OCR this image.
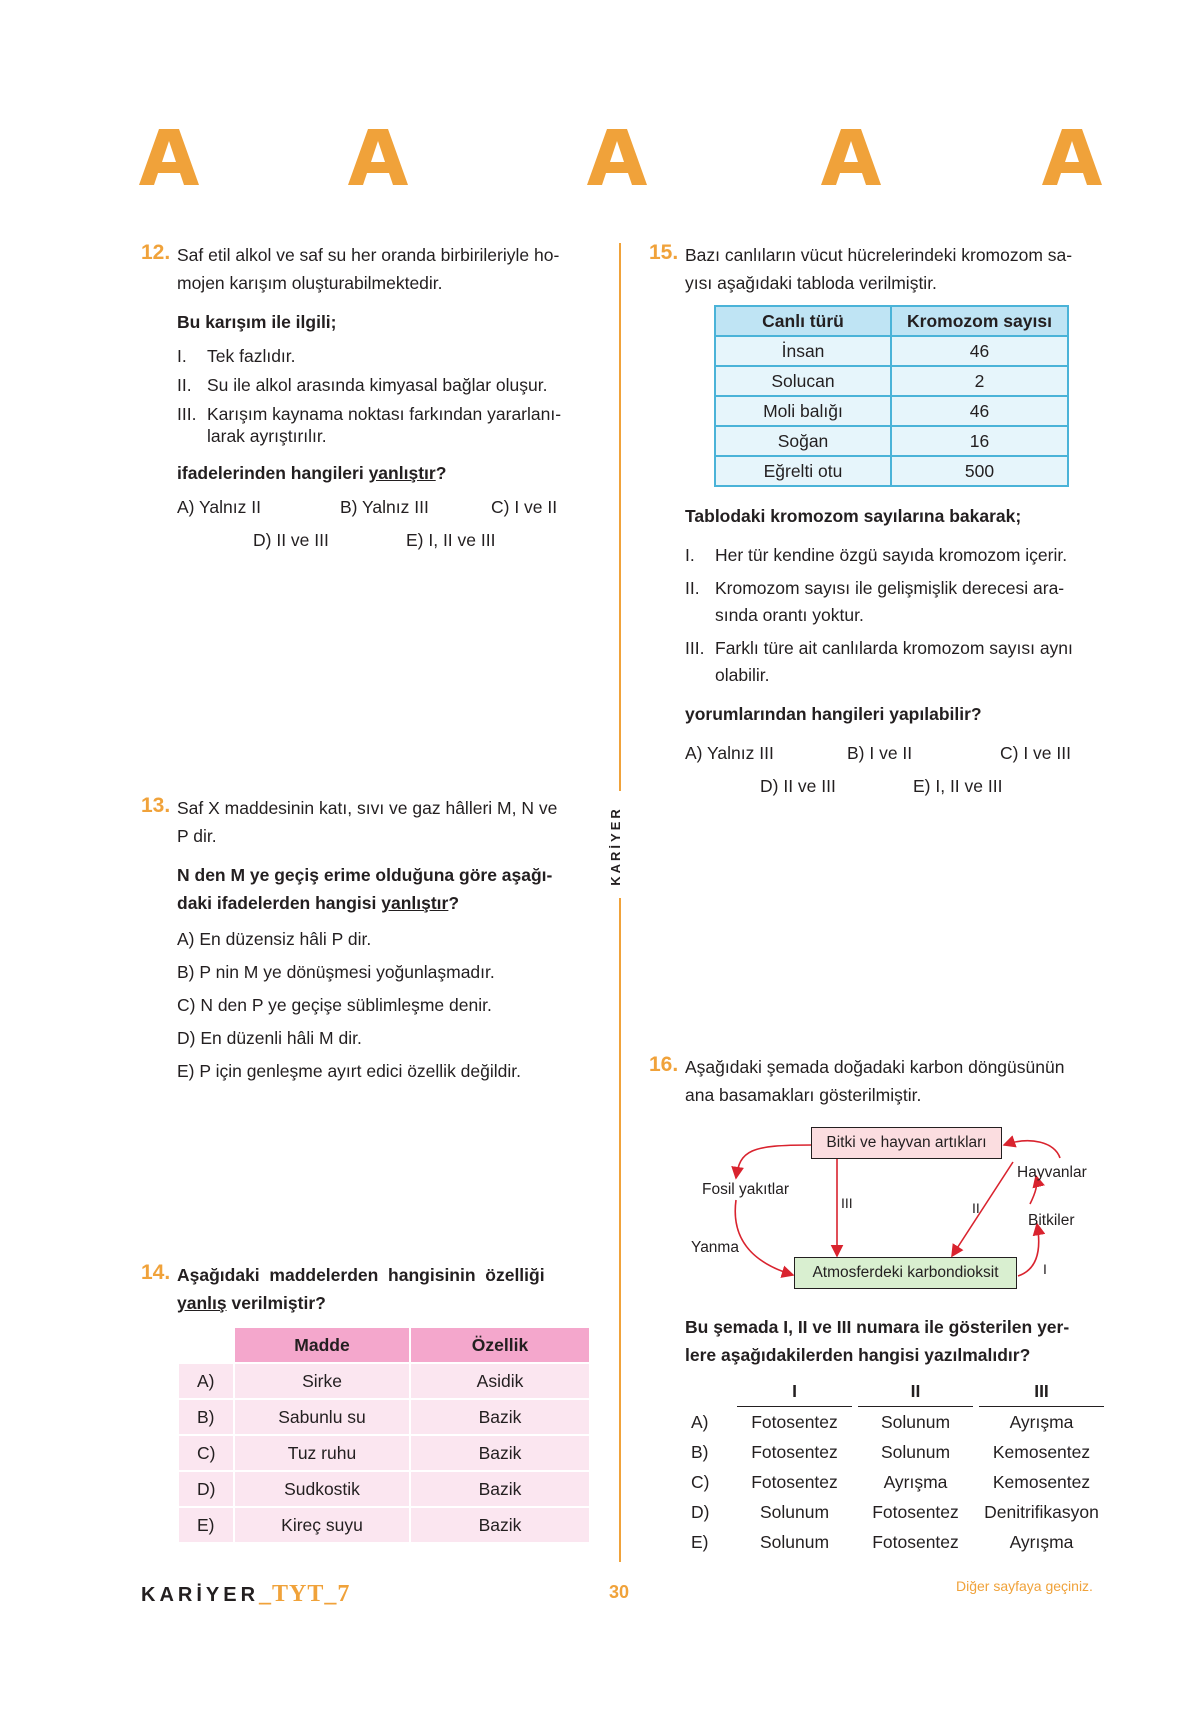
KARİYER
12. Saf etil alkol ve saf su her oranda birbirileriyle ho-
mojen karışım oluşturabilmektedir.
Bu karışım ile ilgili;
I. Tek fazlıdır.
II. Su ile alkol arasında kimyasal bağlar oluşur.
III. Karışım kaynama noktası farkından yararlanı-
larak ayrıştırılır.
ifadelerinden hangileri yanlıştır?
A) Yalnız II	B) Yalnız III	C) I ve II
D) II ve III	E) I, II ve III
13. Saf X maddesinin katı, sıvı ve gaz hâlleri M, N ve
P dir.
N den M ye geçiş erime olduğuna göre aşağı-
daki ifadelerden hangisi yanlıştır?
A) En düzensiz hâli P dir.
B) P nin M ye dönüşmesi yoğunlaşmadır.
C) N den P ye geçişe süblimleşme denir.
D) En düzenli hâli M dir.
E) P için genleşme ayırt edici özellik değildir.
14. Aşağıdaki  maddelerden  hangisinin  özelliği
yanlış verilmiştir?
	Madde	Özellik
A)	Sirke	Asidik
B)	Sabunlu su	Bazik
C)	Tuz ruhu	Bazik
D)	Sudkostik	Bazik
E)	Kireç suyu	Bazik
15. Bazı canlıların vücut hücrelerindeki kromozom sa-
yısı aşağıdaki tabloda verilmiştir.
Canlı türü	Kromozom sayısı
İnsan	46
Solucan	2
Moli balığı	46
Soğan	16
Eğrelti otu	500
Tablodaki kromozom sayılarına bakarak;
I. Her tür kendine özgü sayıda kromozom içerir.
II. Kromozom sayısı ile gelişmişlik derecesi ara-
sında orantı yoktur.
III. Farklı türe ait canlılarda kromozom sayısı aynı
olabilir.
yorumlarından hangileri yapılabilir?
A) Yalnız III	B) I ve II	C) I ve III
D) II ve III	E) I, II ve III
16. Aşağıdaki şemada doğadaki karbon döngüsünün
ana basamakları gösterilmiştir.
Bitki ve hayvan artıkları
Atmosferdeki karbondioksit
Fosil yakıtlar
Yanma
Hayvanlar
Bitkiler
III	II
I
Bu şemada I, II ve III numara ile gösterilen yer-
lere aşağıdakilerden hangisi yazılmalıdır?
	I	II	III
A)	Fotosentez	Solunum	Ayrışma
B)	Fotosentez	Solunum	Kemosentez
C)	Fotosentez	Ayrışma	Kemosentez
D)	Solunum	Fotosentez	Denitrifikasyon
E)	Solunum	Fotosentez	Ayrışma
KARİYER_TYT_7	30	Diğer sayfaya geçiniz.
